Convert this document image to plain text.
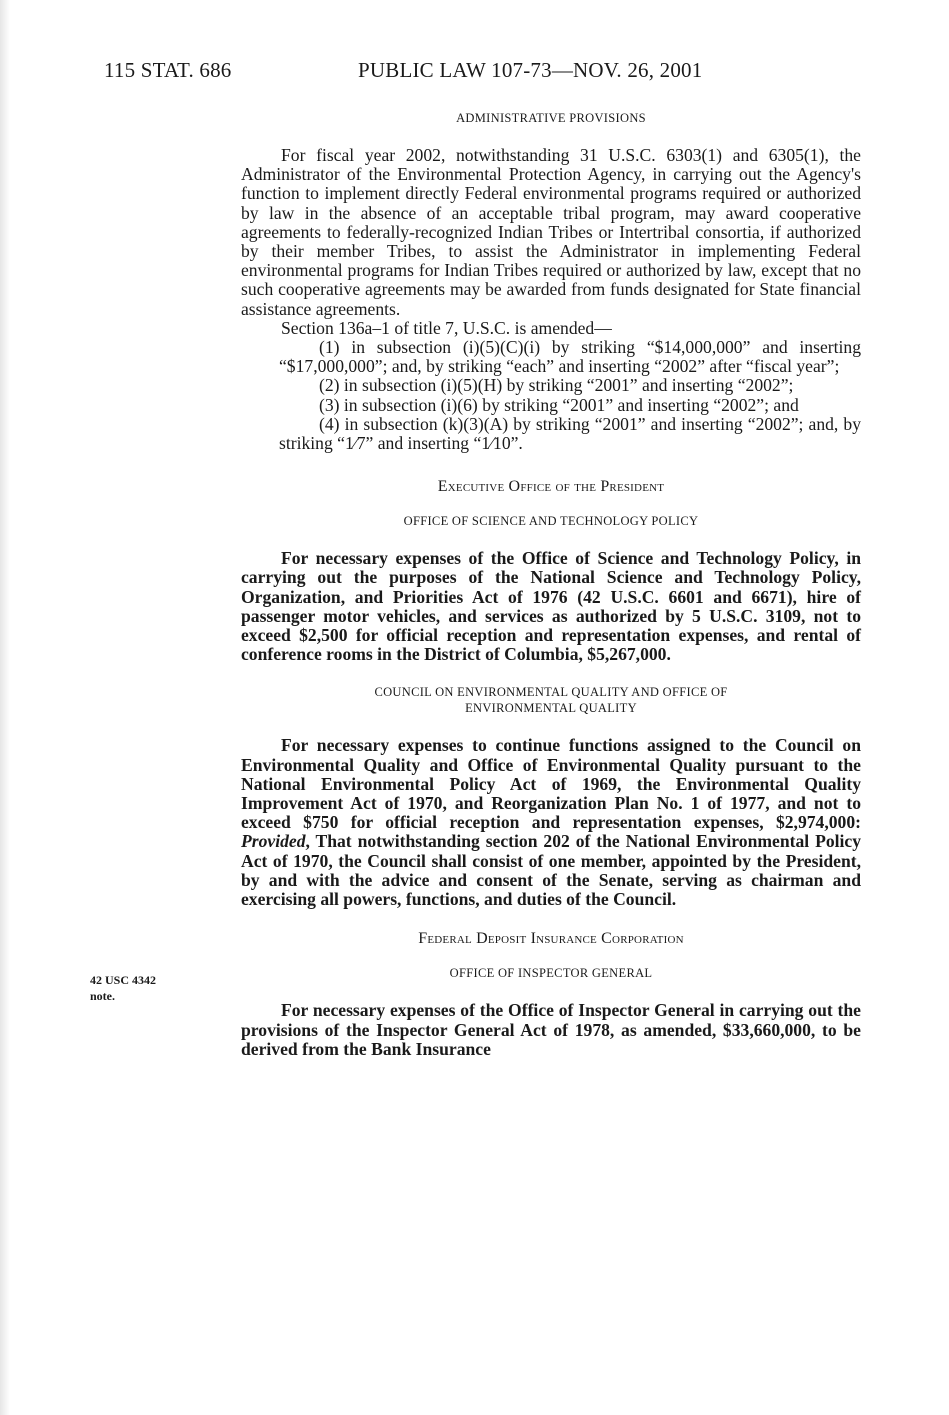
115 STAT. 686	PUBLIC LAW 107-73—NOV. 26, 2001
42 USC 4342
note.
ADMINISTRATIVE PROVISIONS

For fiscal year 2002, notwithstanding 31 U.S.C. 6303(1) and 6305(1), the Administrator of the Environmental Protection Agency, in carrying out the Agency's function to implement directly Federal environmental programs required or authorized by law in the absence of an acceptable tribal program, may award cooperative agreements to federally-recognized Indian Tribes or Intertribal consortia, if authorized by their member Tribes, to assist the Administrator in implementing Federal environmental programs for Indian Tribes required or authorized by law, except that no such cooperative agreements may be awarded from funds designated for State financial assistance agreements.

Section 136a–1 of title 7, U.S.C. is amended—

(1) in subsection (i)(5)(C)(i) by striking “$14,000,000” and inserting “$17,000,000”; and, by striking “each” and inserting “2002” after “fiscal year”;

(2) in subsection (i)(5)(H) by striking “2001” and inserting “2002”;

(3) in subsection (i)(6) by striking “2001” and inserting “2002”; and

(4) in subsection (k)(3)(A) by striking “2001” and inserting “2002”; and, by striking “1⁄7” and inserting “1⁄10”.

Executive Office of the President
OFFICE OF SCIENCE AND TECHNOLOGY POLICY

For necessary expenses of the Office of Science and Technology Policy, in carrying out the purposes of the National Science and Technology Policy, Organization, and Priorities Act of 1976 (42 U.S.C. 6601 and 6671), hire of passenger motor vehicles, and services as authorized by 5 U.S.C. 3109, not to exceed $2,500 for official reception and representation expenses, and rental of conference rooms in the District of Columbia, $5,267,000.

COUNCIL ON ENVIRONMENTAL QUALITY AND OFFICE OF
ENVIRONMENTAL QUALITY

For necessary expenses to continue functions assigned to the Council on Environmental Quality and Office of Environmental Quality pursuant to the National Environmental Policy Act of 1969, the Environmental Quality Improvement Act of 1970, and Reorganization Plan No. 1 of 1977, and not to exceed $750 for official reception and representation expenses, $2,974,000: Provided, That notwithstanding section 202 of the National Environmental Policy Act of 1970, the Council shall consist of one member, appointed by the President, by and with the advice and consent of the Senate, serving as chairman and exercising all powers, functions, and duties of the Council.

Federal Deposit Insurance Corporation
OFFICE OF INSPECTOR GENERAL

For necessary expenses of the Office of Inspector General in carrying out the provisions of the Inspector General Act of 1978, as amended, $33,660,000, to be derived from the Bank Insurance
